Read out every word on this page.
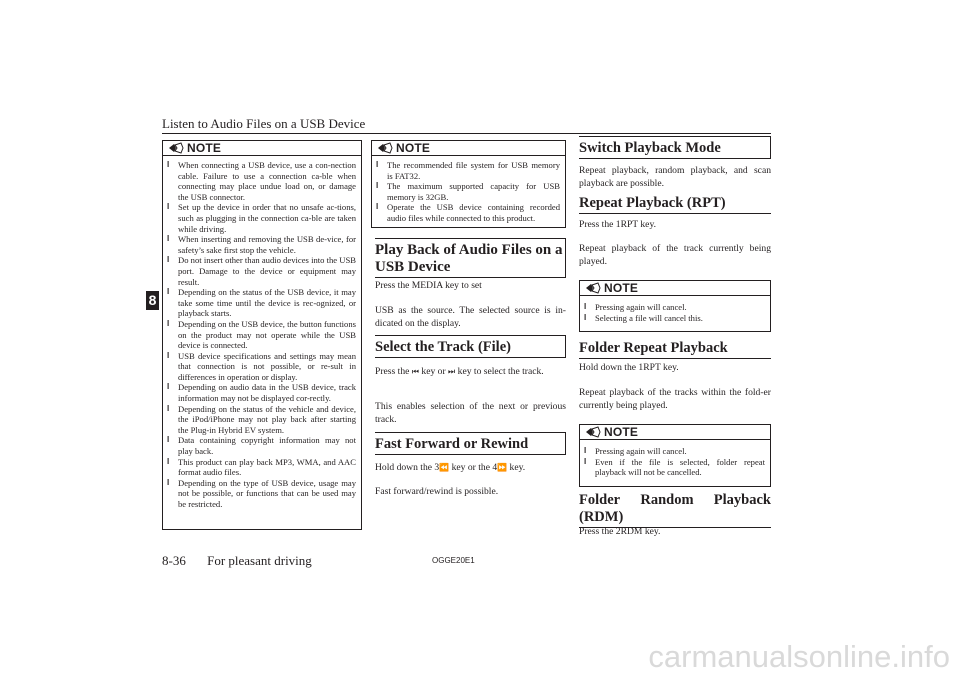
Listen to Audio Files on a USB Device
8
NOTE
l When connecting a USB device, use a con-nection cable. Failure to use a connection ca-ble when connecting may place undue load on, or damage the USB connector.
l Set up the device in order that no unsafe ac-tions, such as plugging in the connection ca-ble are taken while driving.
l When inserting and removing the USB de-vice, for safety’s sake first stop the vehicle.
l Do not insert other than audio devices into the USB port. Damage to the device or equipment may result.
l Depending on the status of the USB device, it may take some time until the device is rec-ognized, or playback starts.
l Depending on the USB device, the button functions on the product may not operate while the USB device is connected.
l USB device specifications and settings may mean that connection is not possible, or re-sult in differences in operation or display.
l Depending on audio data in the USB device, track information may not be displayed cor-rectly.
l Depending on the status of the vehicle and device, the iPod/iPhone may not play back after starting the Plug-in Hybrid EV system.
l Data containing copyright information may not play back.
l This product can play back MP3, WMA, and AAC format audio files.
l Depending on the type of USB device, usage may not be possible, or functions that can be used may be restricted.
NOTE
l The recommended file system for USB memory is FAT32.
l The maximum supported capacity for USB memory is 32GB.
l Operate the USB device containing recorded audio files while connected to this product.
Play Back of Audio Files on a USB Device
Press the MEDIA key to set
USB as the source. The selected source is in-dicated on the display.
Select the Track (File)
Press the ⏮ key or ⏭ key to select the track.
This enables selection of the next or previous track.
Fast Forward or Rewind
Hold down the 3⏪ key or the 4⏩ key.
Fast forward/rewind is possible.
Switch Playback Mode
Repeat playback, random playback, and scan playback are possible.
Repeat Playback (RPT)
Press the 1RPT key.
Repeat playback of the track currently being played.
NOTE
l Pressing again will cancel.
l Selecting a file will cancel this.
Folder Repeat Playback
Hold down the 1RPT key.
Repeat playback of the tracks within the fold-er currently being played.
NOTE
l Pressing again will cancel.
l Even if the file is selected, folder repeat playback will not be cancelled.
Folder Random Playback
(RDM)
Press the 2RDM key.
8-36 For pleasant driving	OGGE20E1
carmanualsonline.info
